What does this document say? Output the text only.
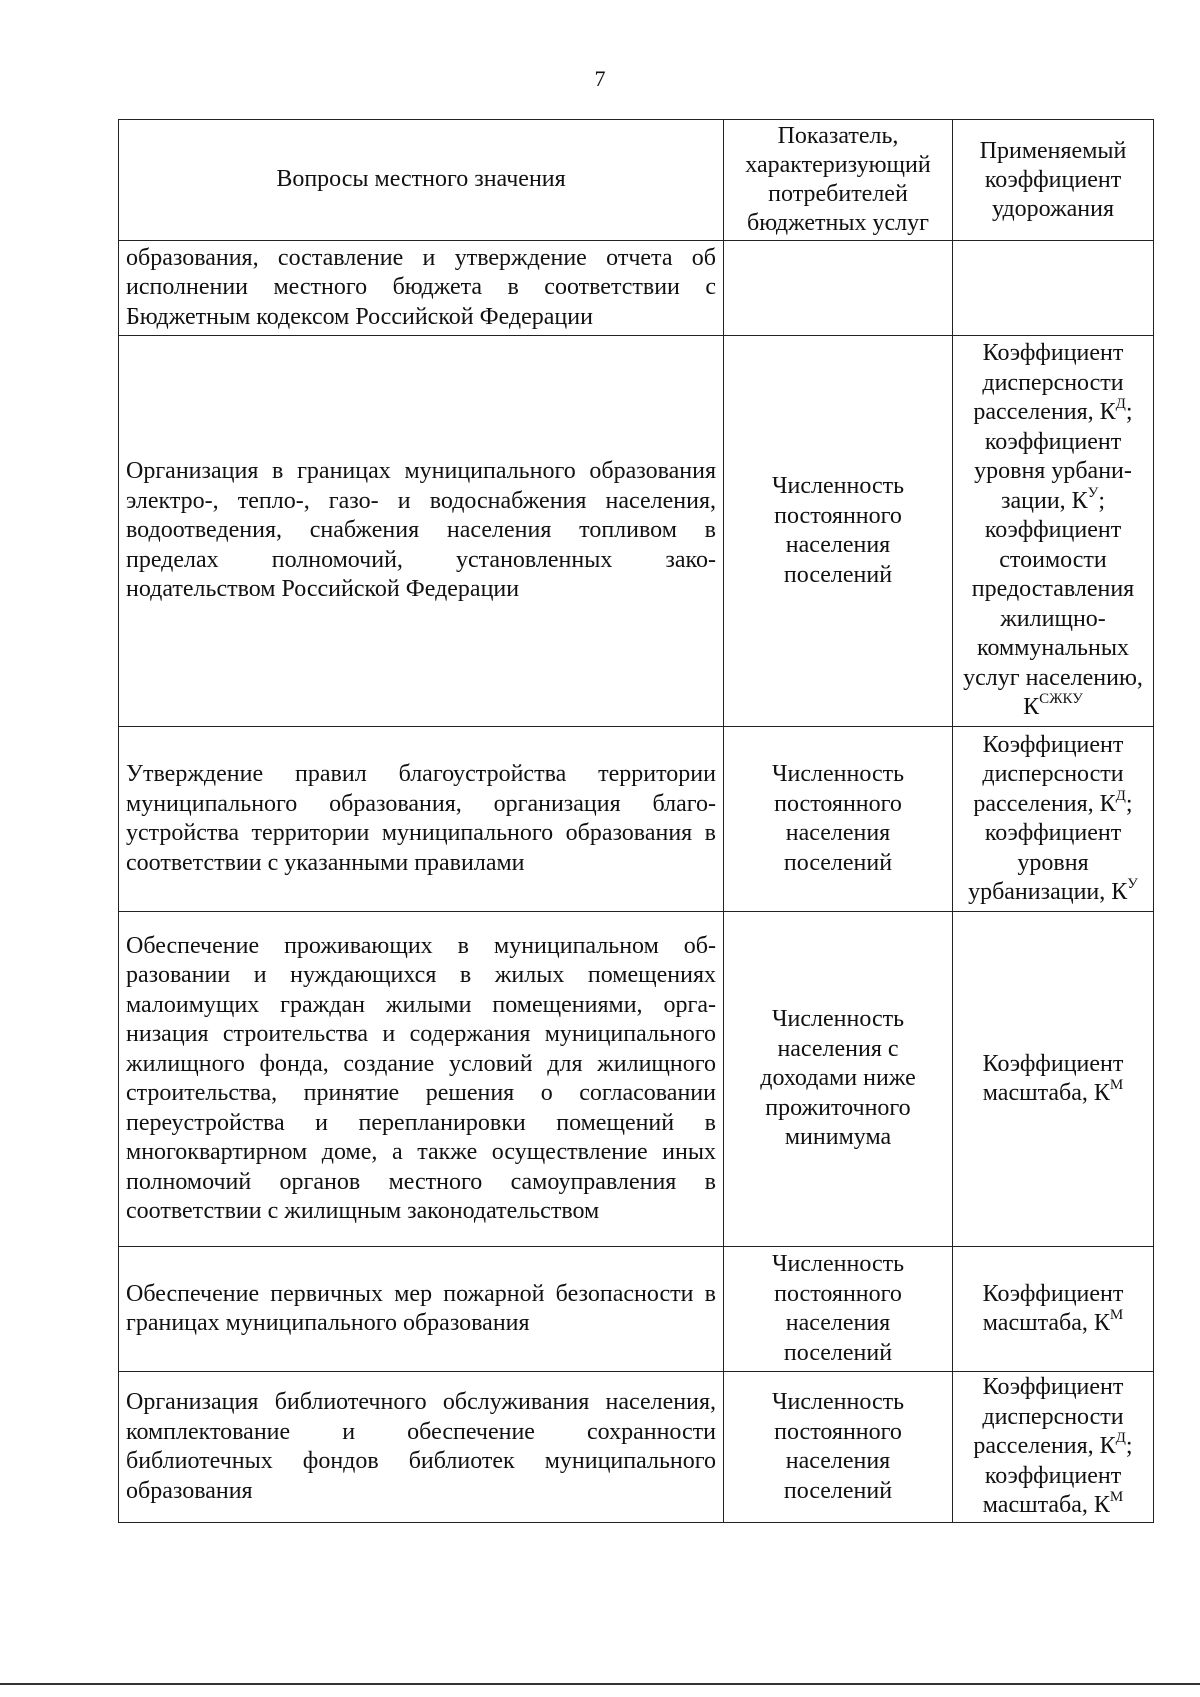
7
Вопросы местного значения	Показатель, характеризующий потребителей бюджетных услуг	Применяемый коэффициент удорожания
образования, составление и утверждение отчета об исполнении местного бюджета в соответствии с Бюджетным кодексом Российской Федерации		
Организация в границах муниципального образования электро-, тепло-, газо- и водоснабжения населения, водоотведения, снабжения населения топливом в пределах полномочий, установленных законодательством Российской Федерации	Численность постоянного населения поселений	Коэффициент дисперсности расселения, $К^Д$; коэффициент уровня урбанизации, $К^У$; коэффициент стоимости предоставления жилищно-коммунальных услуг населению, $К^{СЖКУ}$
Утверждение правил благоустройства территории муниципального образования, организация благоустройства территории муниципального образования в соответствии с указанными правилами	Численность постоянного населения поселений	Коэффициент дисперсности расселения, $К^Д$; коэффициент уровня урбанизации, $К^У$
Обеспечение проживающих в муниципальном образовании и нуждающихся в жилых помещениях малоимущих граждан жилыми помещениями, организация строительства и содержания муниципального жилищного фонда, создание условий для жилищного строительства, принятие решения о согласовании переустройства и перепланировки помещений в многоквартирном доме, а также осуществление иных полномочий органов местного самоуправления в соответствии с жилищным законодательством	Численность населения с доходами ниже прожиточного минимума	Коэффициент масштаба, $К^М$
Обеспечение первичных мер пожарной безопасности в границах муниципального образования	Численность постоянного населения поселений	Коэффициент масштаба, $К^М$
Организация библиотечного обслуживания населения, комплектование и обеспечение сохранности библиотечных фондов библиотек муниципального образования	Численность постоянного населения поселений	Коэффициент дисперсности расселения, $К^Д$; коэффициент масштаба, $К^М$
